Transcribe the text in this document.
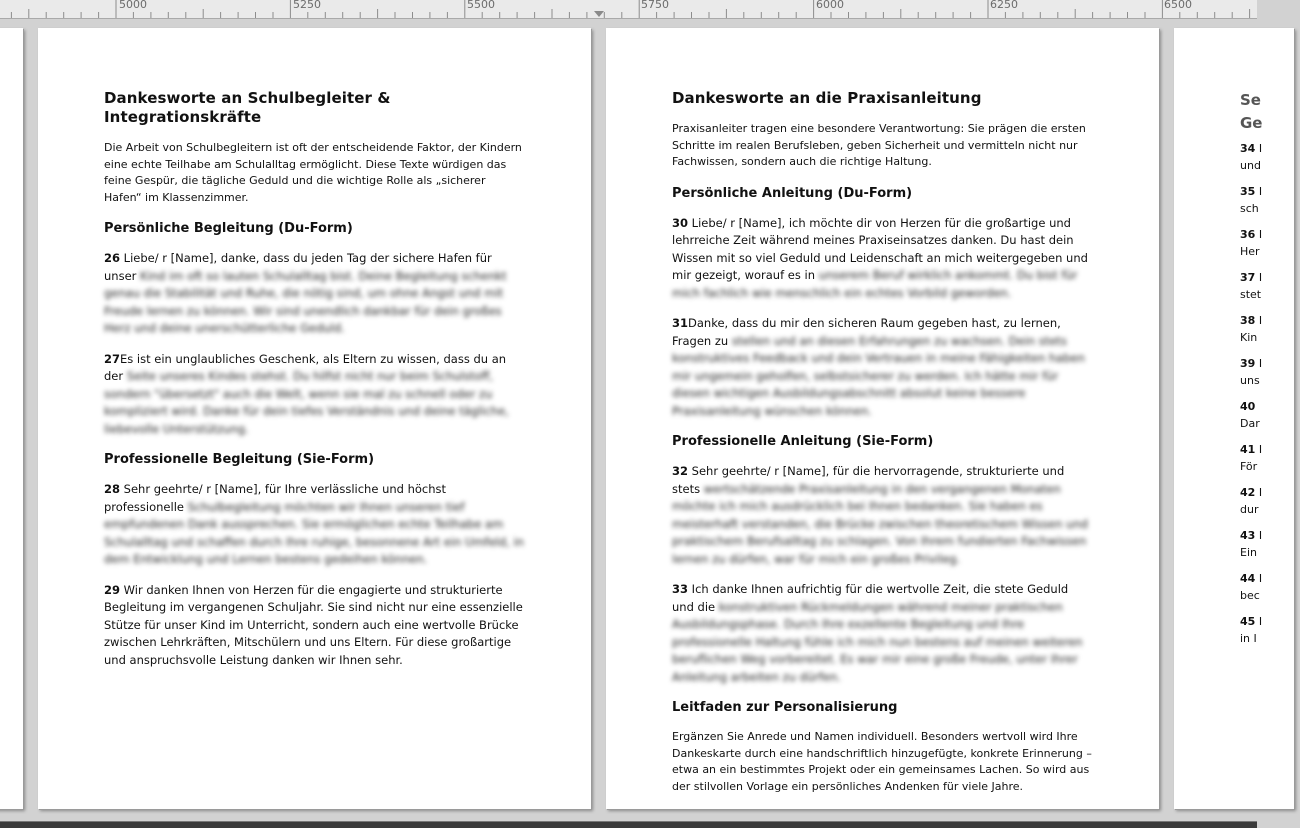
5000	5250	5500	5750	6000	6250	6500
Dankesworte an Schulbegleiter & Integrationskräfte

Die Arbeit von Schulbegleitern ist oft der entscheidende Faktor, der Kindern eine echte Teilhabe am Schulalltag ermöglicht. Diese Texte würdigen das feine Gespür, die tägliche Geduld und die wichtige Rolle als „sicherer Hafen“ im Klassenzimmer.

Persönliche Begleitung (Du-Form)
26 Liebe/ r [Name], danke, dass du jeden Tag der sichere Hafen für unser Kind im oft so lauten Schulalltag bist. Deine Begleitung schenkt genau die Stabilität und Ruhe, die nötig sind, um ohne Angst und mit Freude lernen zu können. Wir sind unendlich dankbar für dein großes Herz und deine unerschütterliche Geduld.
27Es ist ein unglaubliches Geschenk, als Eltern zu wissen, dass du an der Seite unseres Kindes stehst. Du hilfst nicht nur beim Schulstoff, sondern "übersetzt" auch die Welt, wenn sie mal zu schnell oder zu kompliziert wird. Danke für dein tiefes Verständnis und deine tägliche, liebevolle Unterstützung.
Professionelle Begleitung (Sie-Form)
28 Sehr geehrte/ r [Name], für Ihre verlässliche und höchst professionelle Schulbegleitung möchten wir Ihnen unseren tief empfundenen Dank aussprechen. Sie ermöglichen echte Teilhabe am Schulalltag und schaffen durch Ihre ruhige, besonnene Art ein Umfeld, in dem Entwicklung und Lernen bestens gedeihen können.
29 Wir danken Ihnen von Herzen für die engagierte und strukturierte Begleitung im vergangenen Schuljahr. Sie sind nicht nur eine essenzielle Stütze für unser Kind im Unterricht, sondern auch eine wertvolle Brücke zwischen Lehrkräften, Mitschülern und uns Eltern. Für diese großartige und anspruchsvolle Leistung danken wir Ihnen sehr.
Dankesworte an die Praxisanleitung

Praxisanleiter tragen eine besondere Verantwortung: Sie prägen die ersten Schritte im realen Berufsleben, geben Sicherheit und vermitteln nicht nur Fachwissen, sondern auch die richtige Haltung.

Persönliche Anleitung (Du-Form)
30 Liebe/ r [Name], ich möchte dir von Herzen für die großartige und lehrreiche Zeit während meines Praxiseinsatzes danken. Du hast dein Wissen mit so viel Geduld und Leidenschaft an mich weitergegeben und mir gezeigt, worauf es in unserem Beruf wirklich ankommt. Du bist für mich fachlich wie menschlich ein echtes Vorbild geworden.
31Danke, dass du mir den sicheren Raum gegeben hast, zu lernen, Fragen zu stellen und an diesen Erfahrungen zu wachsen. Dein stets konstruktives Feedback und dein Vertrauen in meine Fähigkeiten haben mir ungemein geholfen, selbstsicherer zu werden. Ich hätte mir für diesen wichtigen Ausbildungsabschnitt absolut keine bessere Praxisanleitung wünschen können.
Professionelle Anleitung (Sie-Form)
32 Sehr geehrte/ r [Name], für die hervorragende, strukturierte und stets wertschätzende Praxisanleitung in den vergangenen Monaten möchte ich mich ausdrücklich bei Ihnen bedanken. Sie haben es meisterhaft verstanden, die Brücke zwischen theoretischem Wissen und praktischem Berufsalltag zu schlagen. Von Ihrem fundierten Fachwissen lernen zu dürfen, war für mich ein großes Privileg.
33 Ich danke Ihnen aufrichtig für die wertvolle Zeit, die stete Geduld und die konstruktiven Rückmeldungen während meiner praktischen Ausbildungsphase. Durch Ihre exzellente Begleitung und Ihre professionelle Haltung fühle ich mich nun bestens auf meinen weiteren beruflichen Weg vorbereitet. Es war mir eine große Freude, unter Ihrer Anleitung arbeiten zu dürfen.
Leitfaden zur Personalisierung

Ergänzen Sie Anrede und Namen individuell. Besonders wertvoll wird Ihre Dankeskarte durch eine handschriftlich hinzugefügte, konkrete Erinnerung – etwa an ein bestimmtes Projekt oder ein gemeinsames Lachen. So wird aus der stilvollen Vorlage ein persönliches Andenken für viele Jahre.

Se
Ge
34 I
und
35 I
sch
36 I
Her
37 I
stet
38 I
Kin
39 I
uns
40
Dar
41 I
För
42 I
dur
43 I
Ein
44 I
bec
45 I
in I
